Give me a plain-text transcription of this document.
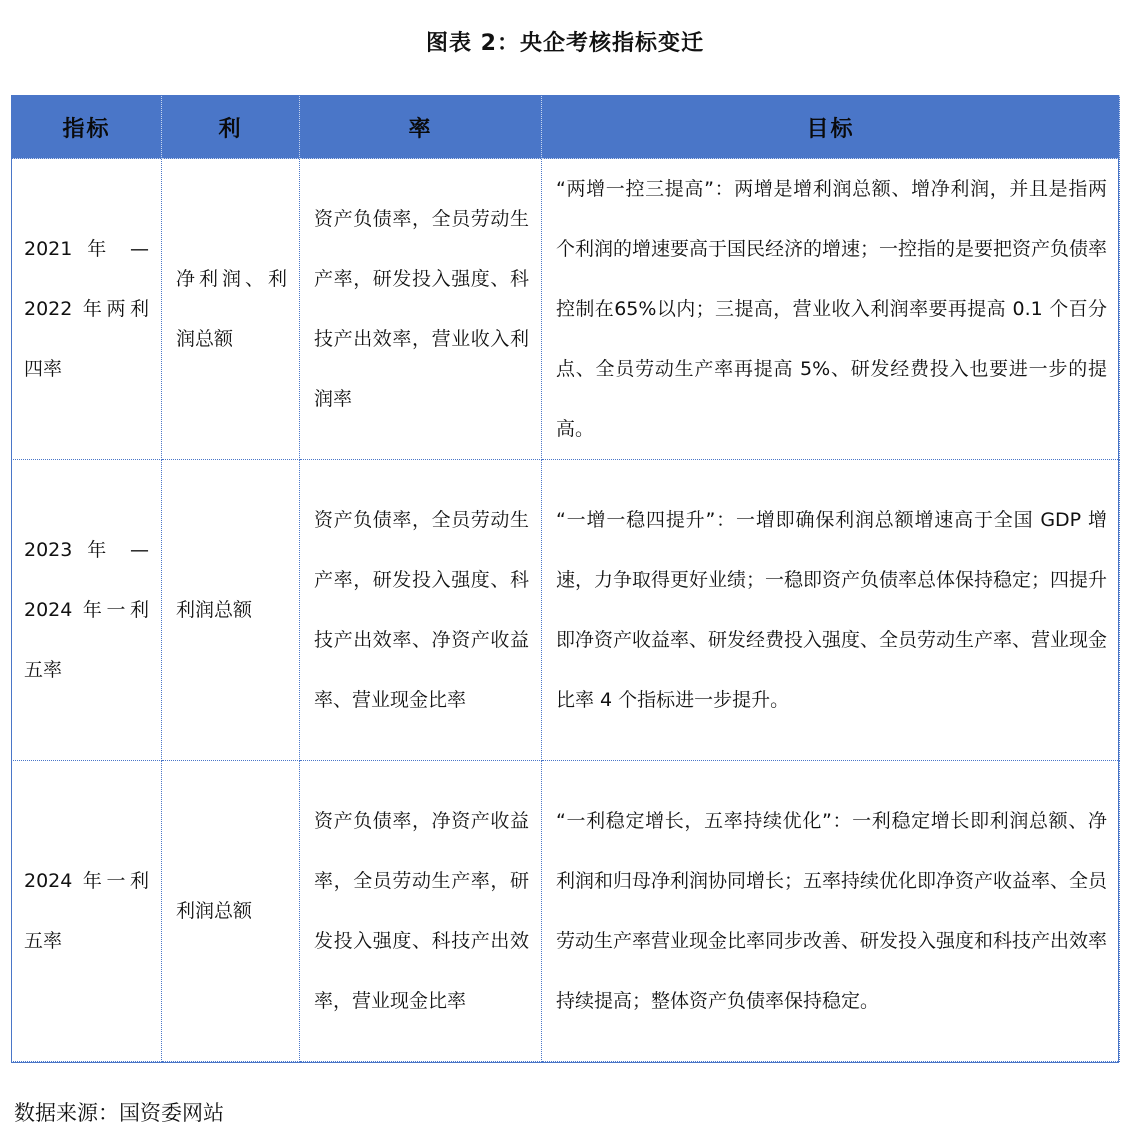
图表 2：央企考核指标变迁
指标	利	率	目标
2021 年 — 2022 年两利四率	净利润、利润总额	资产负债率，全员劳动生产率，研发投入强度、科技产出效率，营业收入利润率	“两增一控三提高”：两增是增利润总额、增净利润，并且是指两个利润的增速要高于国民经济的增速；一控指的是要把资产负债率控制在65%以内；三提高，营业收入利润率要再提高 0.1 个百分点、全员劳动生产率再提高 5%、研发经费投入也要进一步的提高。
2023 年 — 2024 年一利五率	利润总额	资产负债率，全员劳动生产率，研发投入强度、科技产出效率、净资产收益率、营业现金比率	“一增一稳四提升”：一增即确保利润总额增速高于全国 GDP 增速，力争取得更好业绩；一稳即资产负债率总体保持稳定；四提升即净资产收益率、研发经费投入强度、全员劳动生产率、营业现金比率 4 个指标进一步提升。
2024 年一利五率	利润总额	资产负债率，净资产收益率，全员劳动生产率，研发投入强度、科技产出效率，营业现金比率	“一利稳定增长，五率持续优化”：一利稳定增长即利润总额、净利润和归母净利润协同增长；五率持续优化即净资产收益率、全员劳动生产率营业现金比率同步改善、研发投入强度和科技产出效率持续提高；整体资产负债率保持稳定。
数据来源：国资委网站
